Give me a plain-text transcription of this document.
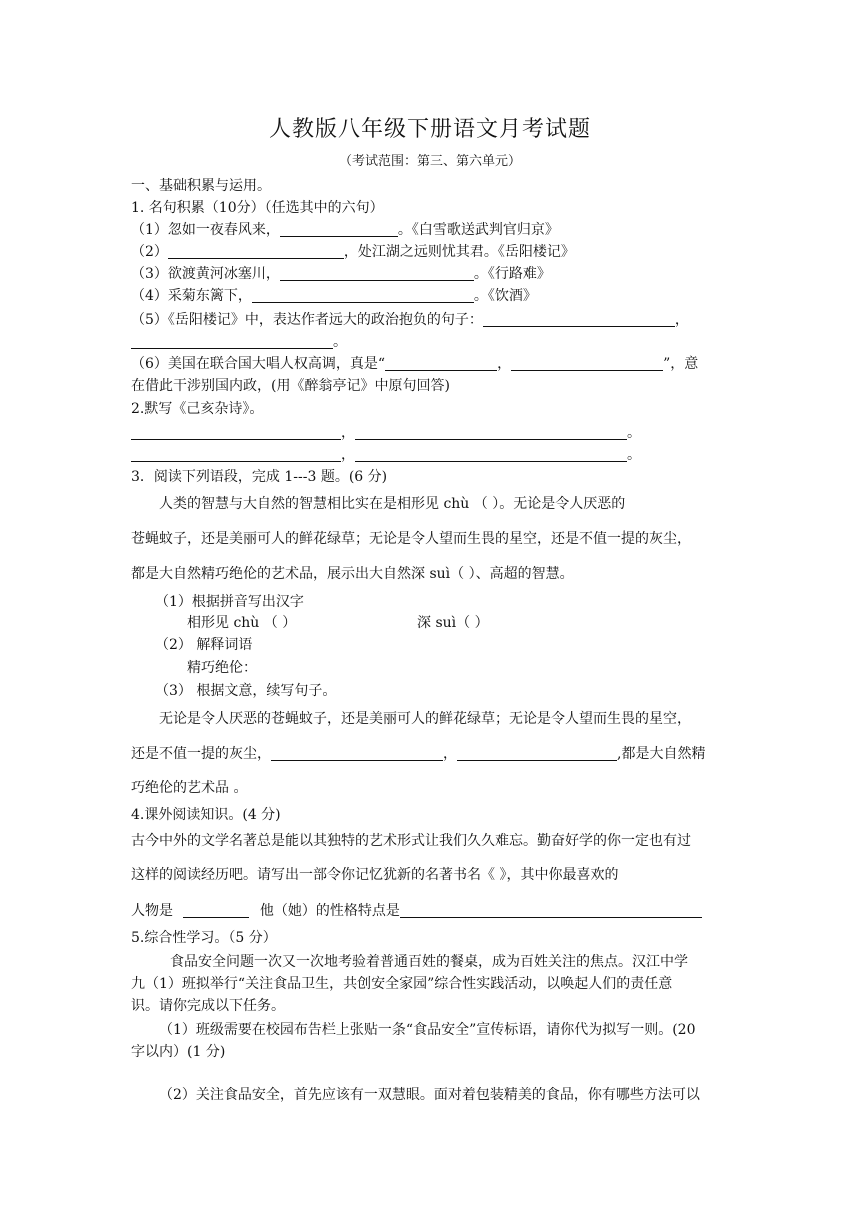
人教版八年级下册语文月考试题
（考试范围：第三、第六单元）
一、基础积累与运用。
1. 名句积累（10分）（任选其中的六句）
（1）忽如一夜春风来，	。《白雪歌送武判官归京》
（2）	，处江湖之远则忧其君。《岳阳楼记》
（3）欲渡黄河冰塞川，	。《行路难》
（4）采菊东篱下，	。《饮酒》
（5）《岳阳楼记》中，表达作者远大的政治抱负的句子：	，
。
（6）美国在联合国大唱人权高调，真是“	，	”，意
在借此干涉别国内政，(用《醉翁亭记》中原句回答)
2.默写《己亥杂诗》。
，	。
，	。
3．阅读下列语段，完成 1---3 题。(6 分)
人类的智慧与大自然的智慧相比实在是相形见 chù （ ）。无论是令人厌恶的
苍蝇蚊子，还是美丽可人的鲜花绿草；无论是令人望而生畏的星空，还是不值一提的灰尘，
都是大自然精巧绝伦的艺术品，展示出大自然深 suì（ ）、高超的智慧。
（1）根据拼音写出汉字
相形见 chù （ ）	深 suì（ ）
（2） 解释词语
精巧绝伦：
（3） 根据文意，续写句子。
无论是令人厌恶的苍蝇蚊子，还是美丽可人的鲜花绿草；无论是令人望而生畏的星空，
还是不值一提的灰尘，	，	,都是大自然精
巧绝伦的艺术品 。
4.课外阅读知识。(4 分)
古今中外的文学名著总是能以其独特的艺术形式让我们久久难忘。勤奋好学的你一定也有过
这样的阅读经历吧。请写出一部令你记忆犹新的名著书名《 》，其中你最喜欢的
人物是	他（她）的性格特点是
5.综合性学习。（5 分）
食品安全问题一次又一次地考验着普通百姓的餐桌，成为百姓关注的焦点。汉江中学
九（1）班拟举行“关注食品卫生，共创安全家园”综合性实践活动，以唤起人们的责任意
识。请你完成以下任务。
（1）班级需要在校园布告栏上张贴一条“食品安全”宣传标语，请你代为拟写一则。(20
字以内）(1 分)
（2）关注食品安全，首先应该有一双慧眼。面对着包装精美的食品，你有哪些方法可以
